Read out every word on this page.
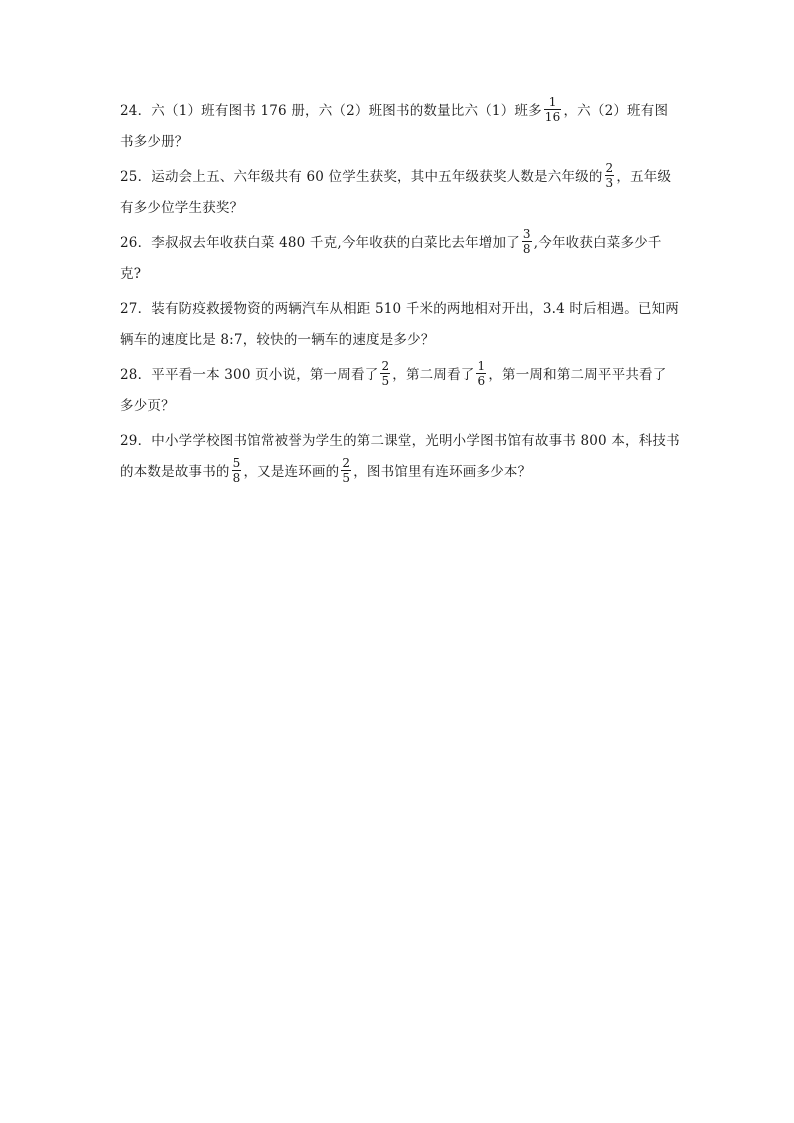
24．六（1）班有图书 176 册，六（2）班图书的数量比六（1）班多 $\frac{1}{16}$ ，六（2）班有图书多少册？

25．运动会上五、六年级共有 60 位学生获奖，其中五年级获奖人数是六年级的 $\frac{2}{3}$ ，五年级有多少位学生获奖？

26．李叔叔去年收获白菜 480 千克,今年收获的白菜比去年增加了 $\frac{3}{8}$ ,今年收获白菜多少千克?

27．装有防疫救援物资的两辆汽车从相距 510 千米的两地相对开出，3.4 时后相遇。已知两辆车的速度比是 8:7，较快的一辆车的速度是多少？

28．平平看一本 300 页小说，第一周看了 $\frac{2}{5}$ ，第二周看了 $\frac{1}{6}$ ，第一周和第二周平平共看了多少页？

29．中小学学校图书馆常被誉为学生的第二课堂，光明小学图书馆有故事书 800 本，科技书的本数是故事书的 $\frac{5}{8}$ ，又是连环画的 $\frac{2}{5}$ ，图书馆里有连环画多少本？
